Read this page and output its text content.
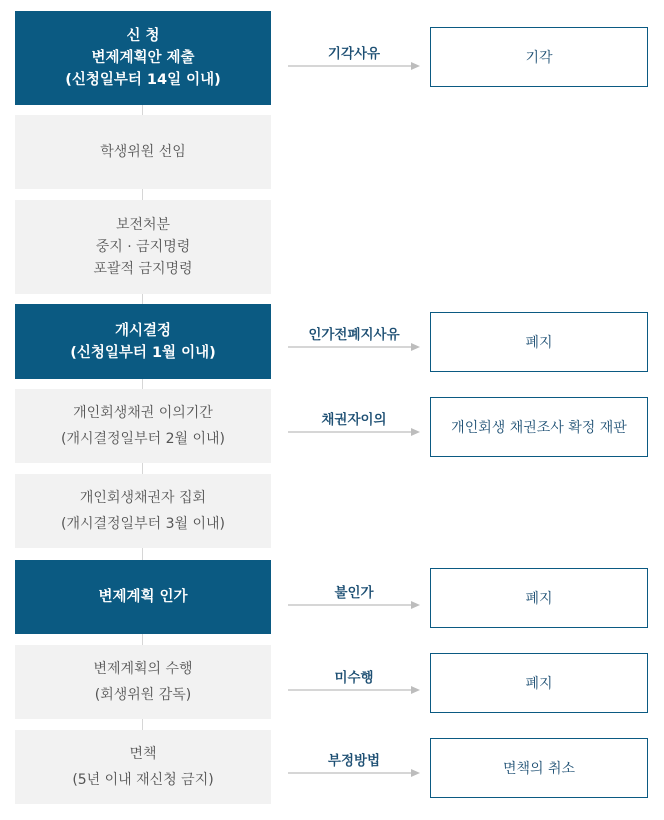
신 청
변제계획안 제출
(신청일부터 14일 이내)
학생위원 선임
보전처분
중지 · 금지명령
포괄적 금지명령
개시결정
(신청일부터 1월 이내)
개인회생채권 이의기간
(개시결정일부터 2월 이내)
개인회생채권자 집회
(개시결정일부터 3월 이내)
변제계획 인가
변제계획의 수행
(회생위원 감독)
면책
(5년 이내 재신청 금지)
기각사유
인가전폐지사유
채권자이의
불인가
미수행
부정방법
기각
폐지
개인회생 채권조사 확정 재판
폐지
폐지
면책의 취소
